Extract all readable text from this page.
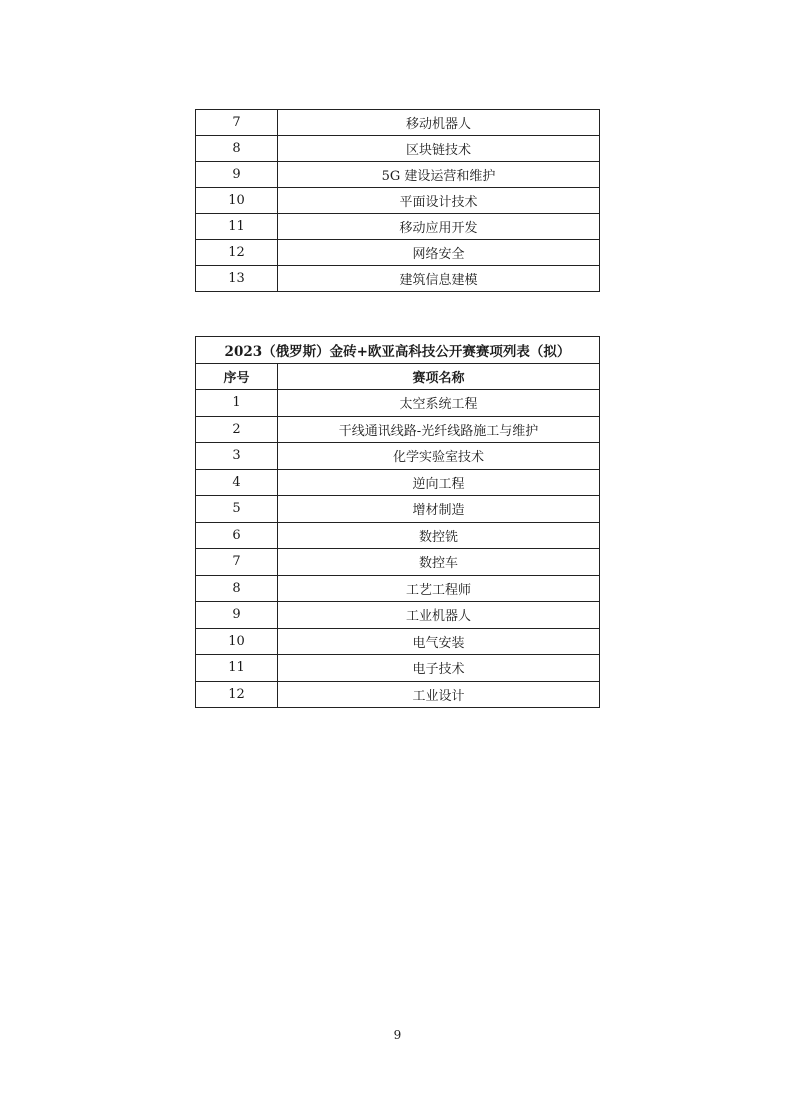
7	移动机器人
8	区块链技术
9	5G 建设运营和维护
10	平面设计技术
11	移动应用开发
12	网络安全
13	建筑信息建模
2023（俄罗斯）金砖+欧亚高科技公开赛赛项列表（拟）	
序号	赛项名称
1	太空系统工程
2	干线通讯线路-光纤线路施工与维护
3	化学实验室技术
4	逆向工程
5	增材制造
6	数控铣
7	数控车
8	工艺工程师
9	工业机器人
10	电气安装
11	电子技术
12	工业设计
9
